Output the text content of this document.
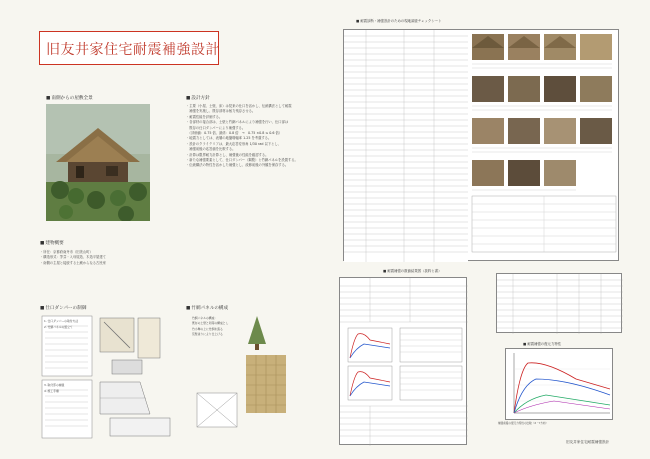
旧友井家住宅耐震補強設計
■ 南側からの屋敷全景
■ 建物概要
・所在：京都府南丹市（旧美山町）
・構造形式：茅葺・入母屋造、木造平屋建て
・南側の主屋と接続する土蔵からなる古民家
■ 設計方針
・主要（小屋、土壁、床）は従来の仕口を活かし、伝統構法として耐震
　補強を実施し、既存部材は極力残存させる。
・耐震性能を評価する。
・各部材の接合部は、土壁と竹網パネルにより補強を行い、仕口部は
　既存の仕口ダンパーにより補強する。
　（評価値：0.75 倍、最終：0.8 倍　→　0.75 ×0.8 ≒ 0.6 倍）
・地震力としては、表層の地盤増幅率 1.25 を考慮する。
・設計のクライテリアは、最大応答変形角 1/30 rad 以下とし、
　補強前後の応答値を比較する。
・計算は限界耐力計算とし、補強後の性能を確認する。
・新たな補強要素として、仕口ダンパー（鋼製）と竹網パネルを設置する。
・伝統構法の特性を活かした補強とし、改修前後の外観を保存する。
■ 仕口ダンパーの制御
1. 仕口ダンパーの取付方法
2. 竹網パネルの組立て
3. 取付部の補強
4. 施工手順
■ 竹網パネルの構成
竹網パネルの構成：
既存の土壁と同等の構成とし
竹小舞の上に竹網を張る
荒壁塗りにより仕上げる
■ 耐震診断・補強設計のための現地調査チェックシート
■ 耐震補強の数値結果図（抜粋と書）
■ 耐震補強の復元力特性
補強前後の復元力特性の比較（X・Y方向）
旧友井家住宅耐震補強設計
